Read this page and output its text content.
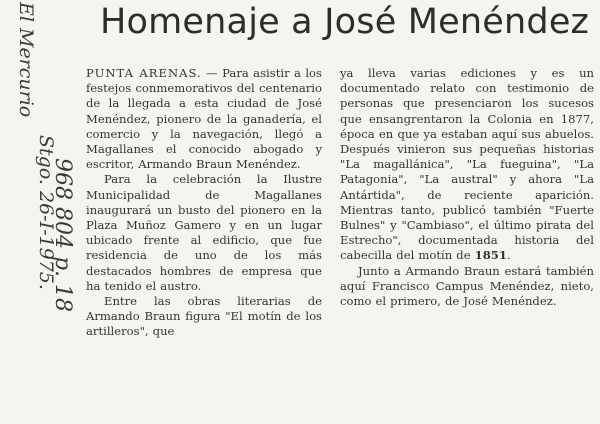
El Mercurio
Stgo. 26-I-1975.
968 804 p. 18
Homenaje a José Menéndez

PUNTA ARENAS. — Para asistir a los festejos conmemorativos del centenario de la llegada a esta ciudad de José Menéndez, pionero de la ganadería, el comercio y la navegación, llegó a Magallanes el conocido abogado y escritor, Armando Braun Menéndez.

Para la celebración la Ilustre Municipalidad de Magallanes inaugurará un busto del pionero en la Plaza Muñoz Gamero y en un lugar ubicado frente al edificio, que fue residencia de uno de los más destacados hombres de empresa que ha tenido el austro.

Entre las obras literarias de Armando Braun figura "El motín de los artilleros", que

ya lleva varias ediciones y es un documentado relato con testimonio de personas que presenciaron los sucesos que ensangrentaron la Colonia en 1877, época en que ya estaban aquí sus abuelos. Después vinieron sus pequeñas historias "La magallánica", "La fueguina", "La Patagonia", "La austral" y ahora "La Antártida", de reciente aparición. Mientras tanto, publicó también "Fuerte Bulnes" y "Cambiaso", el último pirata del Estrecho", documentada historia del cabecilla del motín de 1851.

Junto a Armando Braun estará también aquí Francisco Campus Menéndez, nieto, como el primero, de José Menéndez.
